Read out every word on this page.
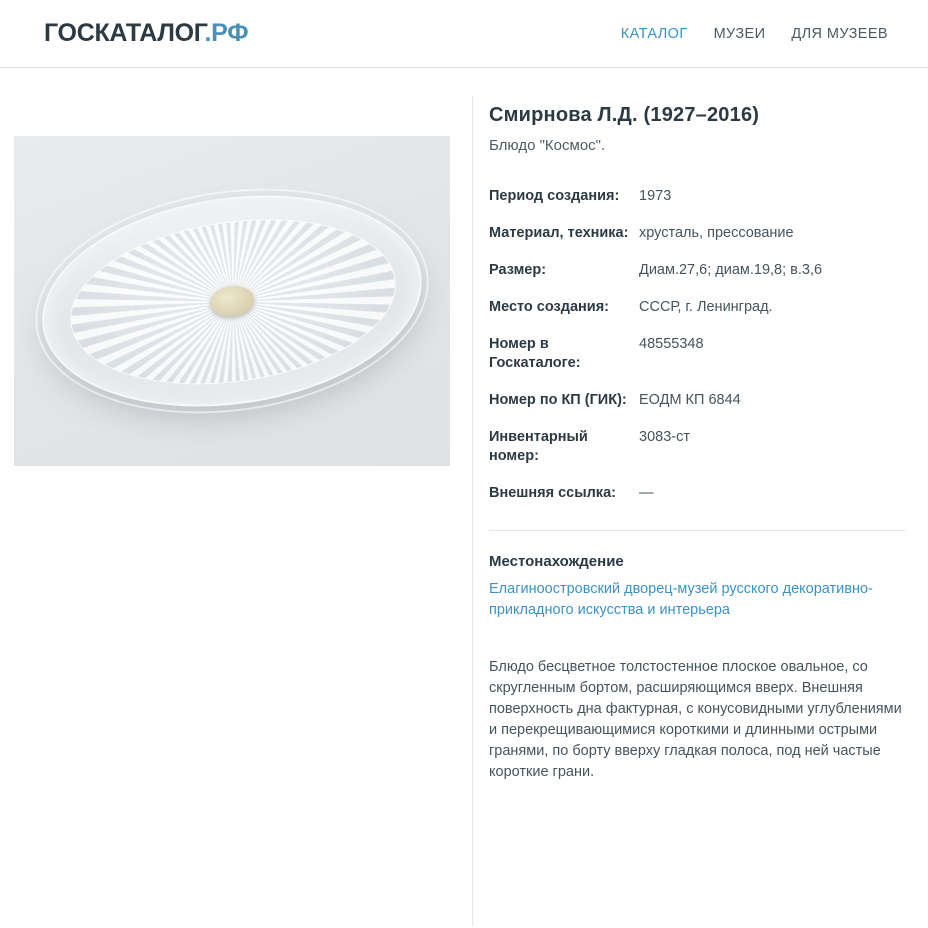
ГОСКАТАЛОГ.РФ	КАТАЛОГ МУЗЕИ ДЛЯ МУЗЕЕВ
Смирнова Л.Д. (1927–2016)
Блюдо "Космос".
Период создания:	1973
Материал, техника:	хрусталь, прессование
Размер:	Диам.27,6; диам.19,8; в.3,6
Место создания:	СССР, г. Ленинград.
Номер в Госкаталоге:	48555348
Номер по КП (ГИК):	ЕОДМ КП 6844
Инвентарный номер:	3083-ст
Внешняя ссылка:	—
Местонахождение
Елагиноостровский дворец-музей русского декоративно-прикладного искусства и интерьера
Блюдо бесцветное толстостенное плоское овальное, со скругленным бортом, расширяющимся вверх. Внешняя поверхность дна фактурная, с конусовидными углублениями и перекрещивающимися короткими и длинными острыми гранями, по борту вверху гладкая полоса, под ней частые короткие грани.
